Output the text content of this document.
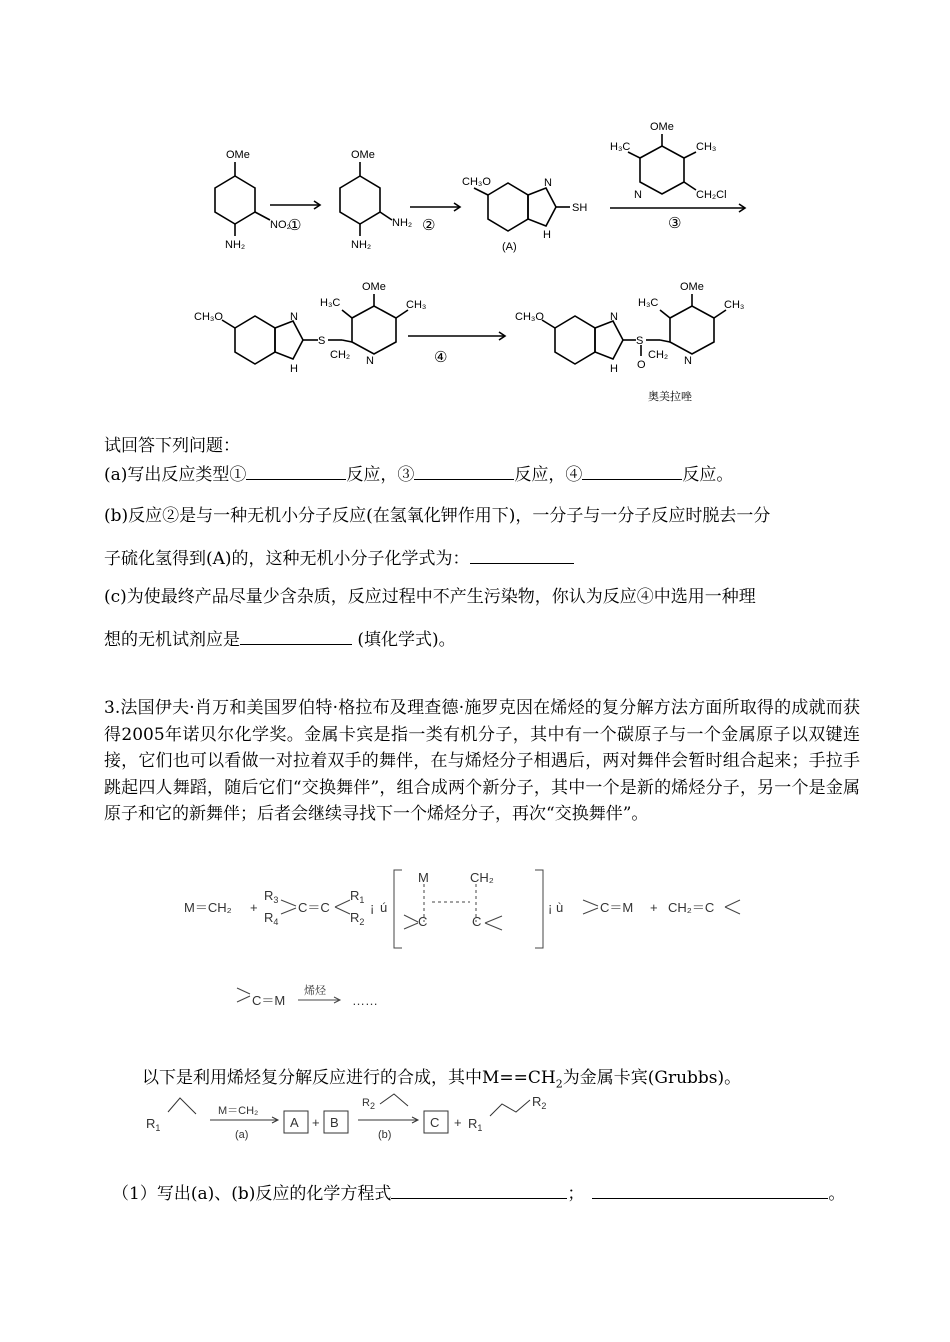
OMe
NO₂
NH₂
①
OMe
NH₂
NH₂
②
CH₃O	N
SH
H
(A)
OMe
H₃C	CH₃
N	CH₂Cl
③
CH₃O	N
H
S
CH₂
H₃C
OMe
CH₃
N	④
CH₃O	N
H
S
O
CH₂
H₃C
OMe
CH₃
N
奥美拉唑
试回答下列问题：
(a)写出反应类型①	反应，③	反应，④	反应。
(b)反应②是与一种无机小分子反应(在氢氧化钾作用下)，一分子与一分子反应时脱去一分
子硫化氢得到(A)的，这种无机小分子化学式为：
(c)为使最终产品尽量少含杂质，反应过程中不产生污染物，你认为反应④中选用一种理
想的无机试剂应是	(填化学式)。
3.法国伊夫·肖万和美国罗伯特·格拉布及理查德·施罗克因在烯烃的复分解方法方面所取得的成就而获得2005年诺贝尔化学奖。金属卡宾是指一类有机分子，其中有一个碳原子与一个金属原子以双键连接，它们也可以看做一对拉着双手的舞伴，在与烯烃分子相遇后，两对舞伴会暂时组合起来；手拉手跳起四人舞蹈，随后它们“交换舞伴”，组合成两个新分子，其中一个是新的烯烃分子，另一个是金属原子和它的新舞伴；后者会继续寻找下一个烯烃分子，再次“交换舞伴”。
M＝CH₂ +
$R_3$
$R_4$
C＝C
$R_1$
$R_2$
¡ ú
M	CH₂
C	C
¡ ù	C＝M + CH₂＝C
C＝M
烯烃
……
以下是利用烯烃复分解反应进行的合成，其中$M==CH_2$为金属卡宾(Grubbs)。
$R_1$
M＝CH₂
(a)
A + B
$R_2$
(b)
$C + R_1$
$R_2$
（1）写出(a)、(b)反应的化学方程式	；	。
